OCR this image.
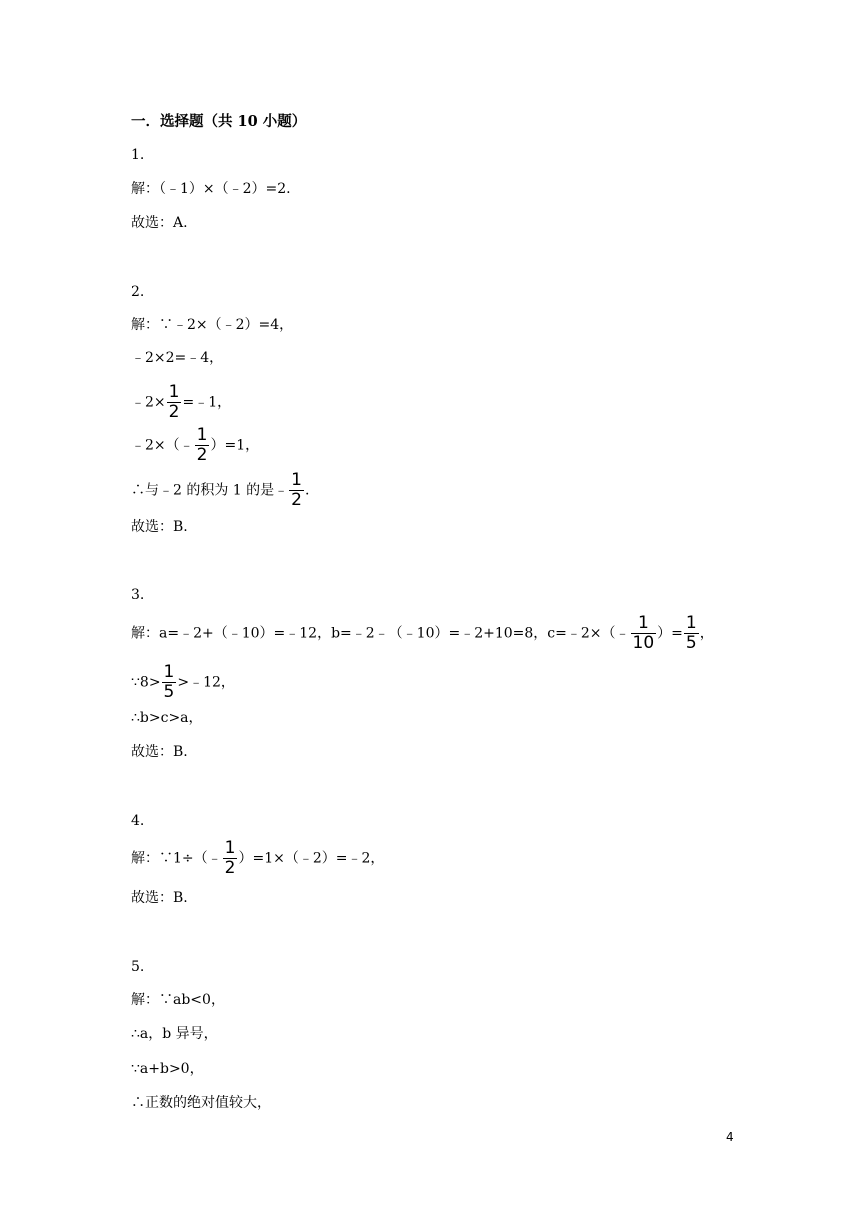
一．选择题（共 10 小题）
1.
解：（﹣1）×（﹣2）=2.
故选：A.
2.
解：∵﹣2×（﹣2）=4，
﹣2×2=﹣4，
﹣2× $\frac{1}{2}$ =﹣1，
﹣2×（﹣ $\frac{1}{2} )=1$，
∴与﹣2 的积为 1 的是﹣ $\frac{1}{2}$ .
故选：B.
3.
解：a=﹣2+（﹣10）=﹣12，b=﹣2﹣（﹣10）=﹣2+10=8，c=﹣2×（﹣ $\frac{1}{10}$ ）= $\frac{1}{5}$ ，
∵8> $\frac{1}{5}$ >﹣12，
∴b>c>a，
故选：B.
4.
解：∵1÷（﹣ $\frac{1}{2}$ ）=1×（﹣2）=﹣2，
故选：B.
5.
解：∵ab<0，
∴a，b 异号，
∵a+b>0，
∴正数的绝对值较大，
4
